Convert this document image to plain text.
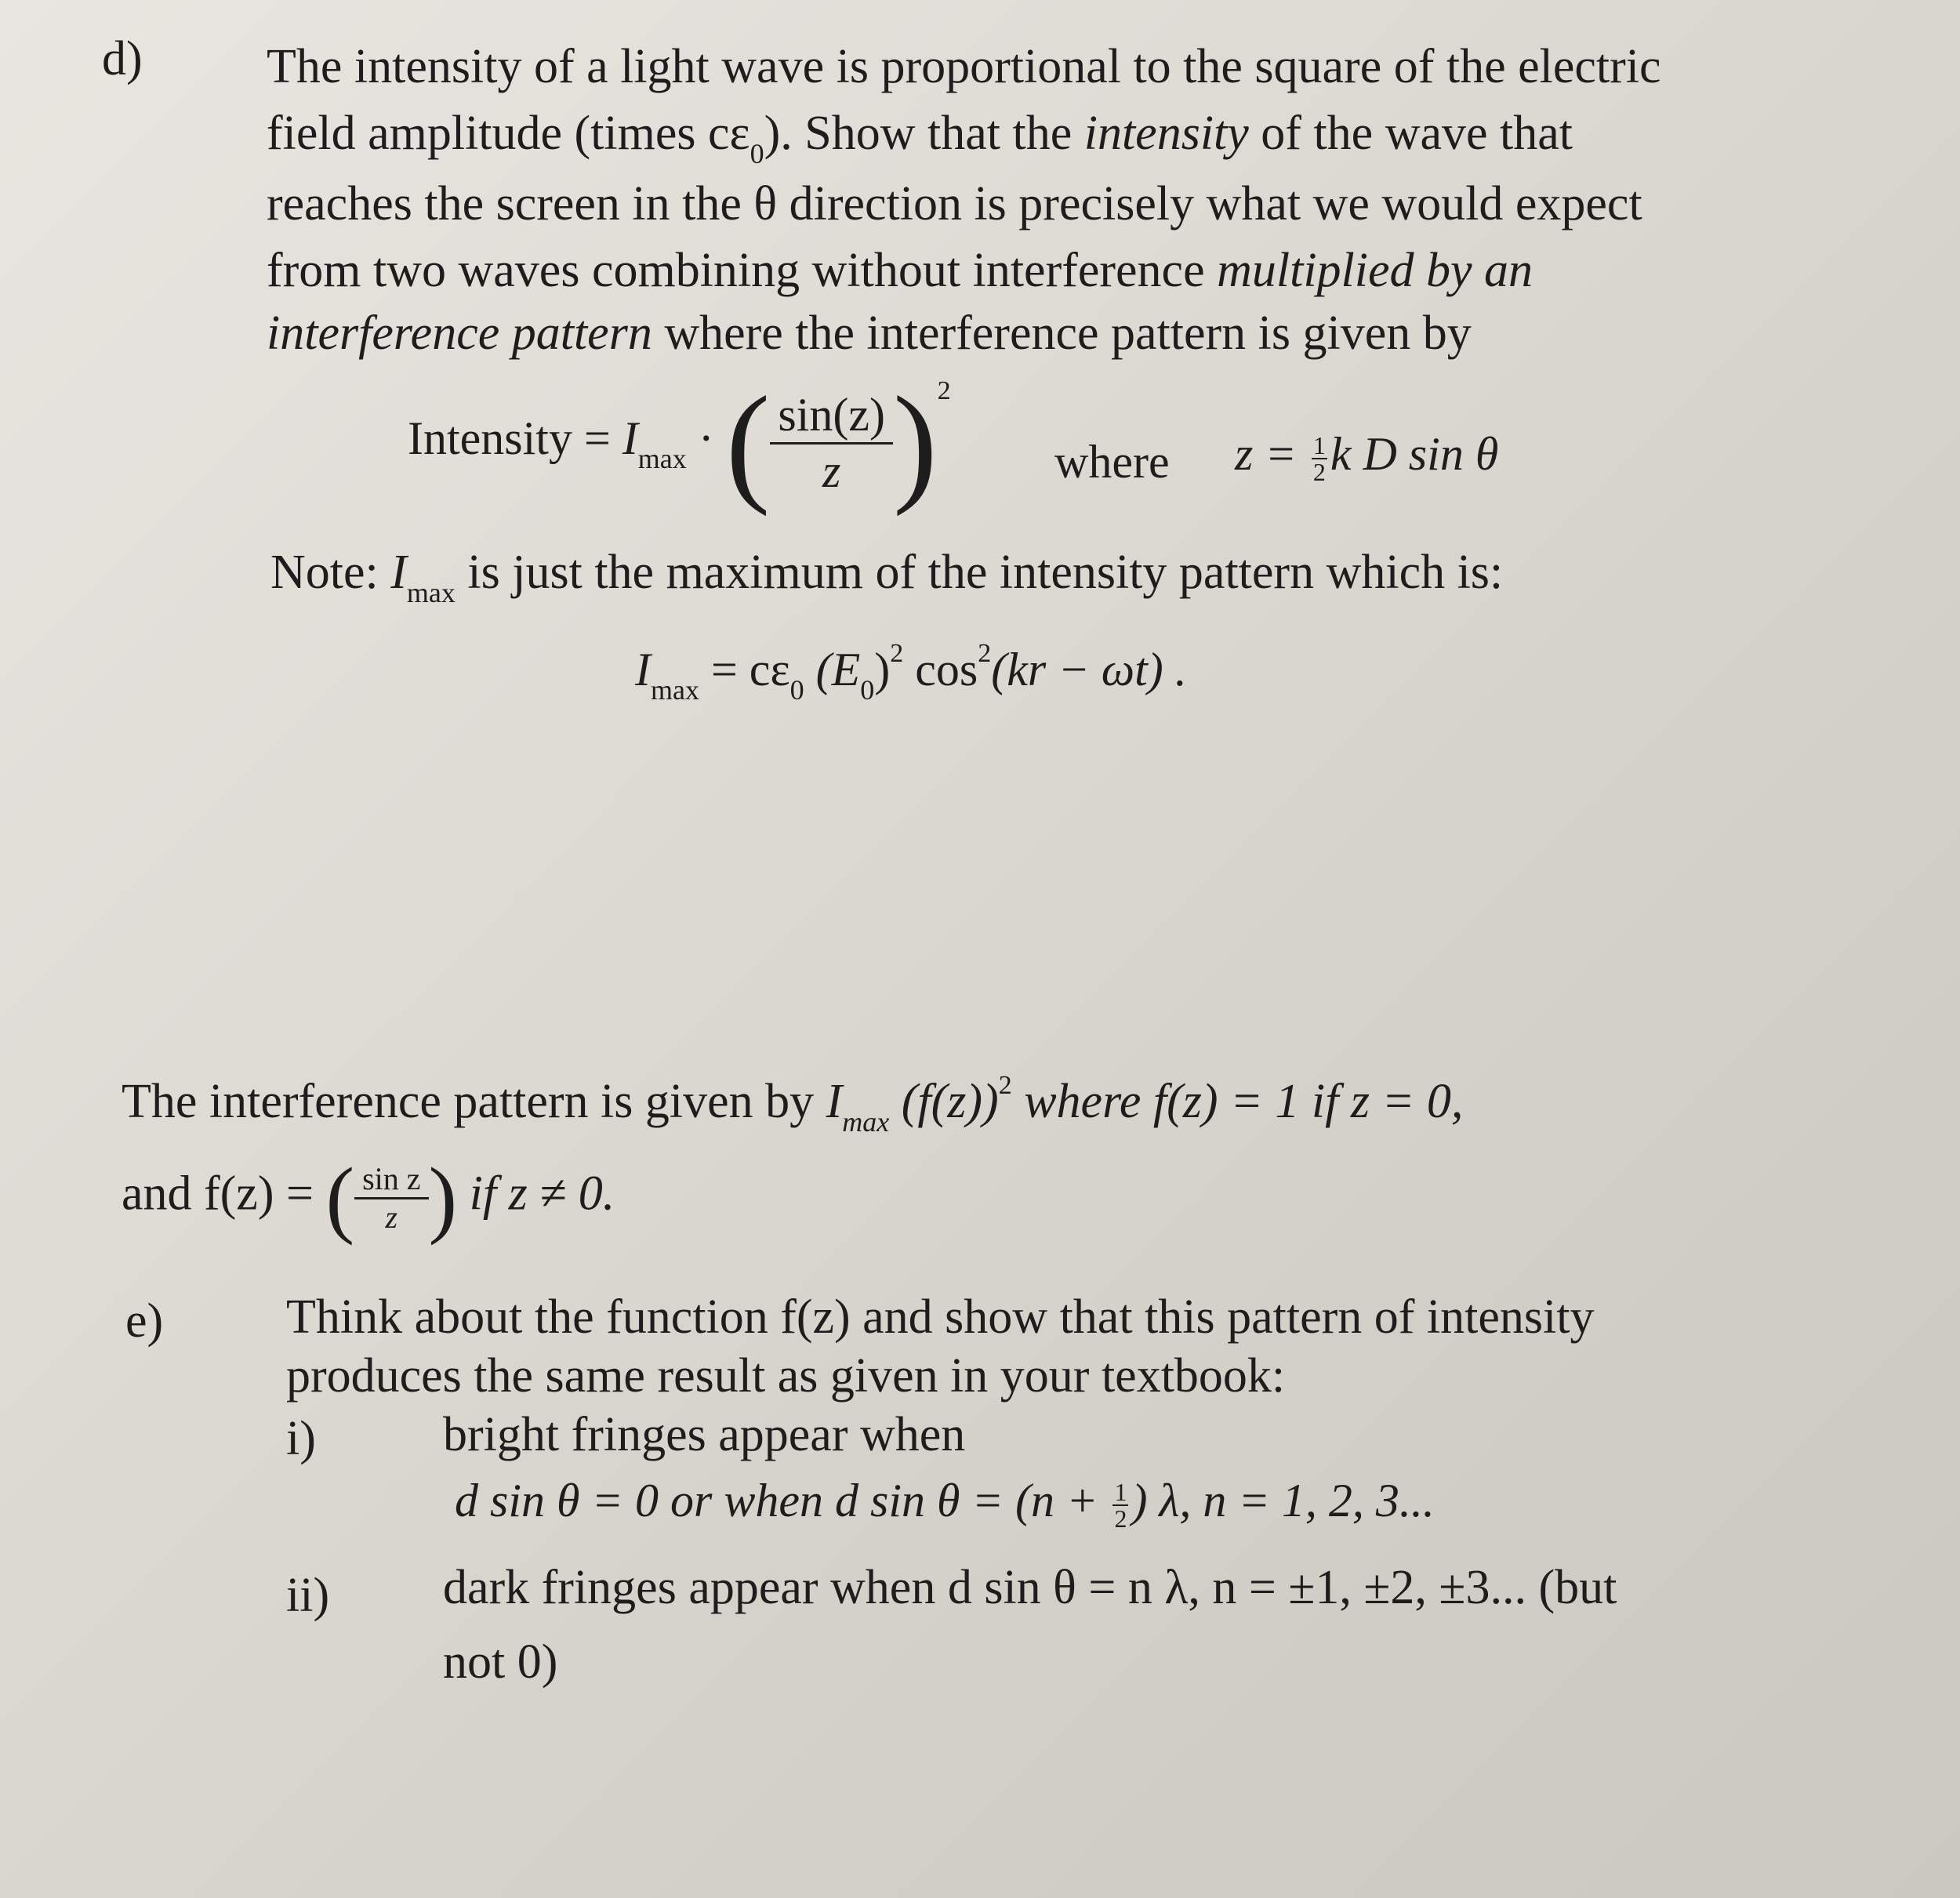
d)	The intensity of a light wave is proportional to the square of the electric
field amplitude (times $c\varepsilon_0$). Show that the intensity of the wave that
reaches the screen in the θ direction is precisely what we would expect
from two waves combining without interference multiplied by an
interference pattern where the interference pattern is given by
Intensity = $I_{max}$ · ( $\frac{\sin(z)}{z} )^2$
where $z = \frac{1}{2}$ k D sin θ
Note: $I_{max}$ is just the maximum of the intensity pattern which is:
$I_{max} = c\varepsilon_0$ $(E_0)^2$ $\cos^2(kr - \omega t)$ .
The interference pattern is given by $I_{max}$ $(f(z))^2$ where f(z) = 1 if z = 0,
and f(z) = ( $\frac{\text{sin z}}{z}$ ) if z ≠ 0.
e)	Think about the function f(z) and show that this pattern of intensity
produces the same result as given in your textbook:
i)	bright fringes appear when
d sin θ = 0 or when d $\sin \theta = (n + \frac{1}{2}$ ) λ, n = 1, 2, 3...
ii) dark fringes appear when d sin θ = n λ, n = ±1, ±2, ±3... (but
not 0)
